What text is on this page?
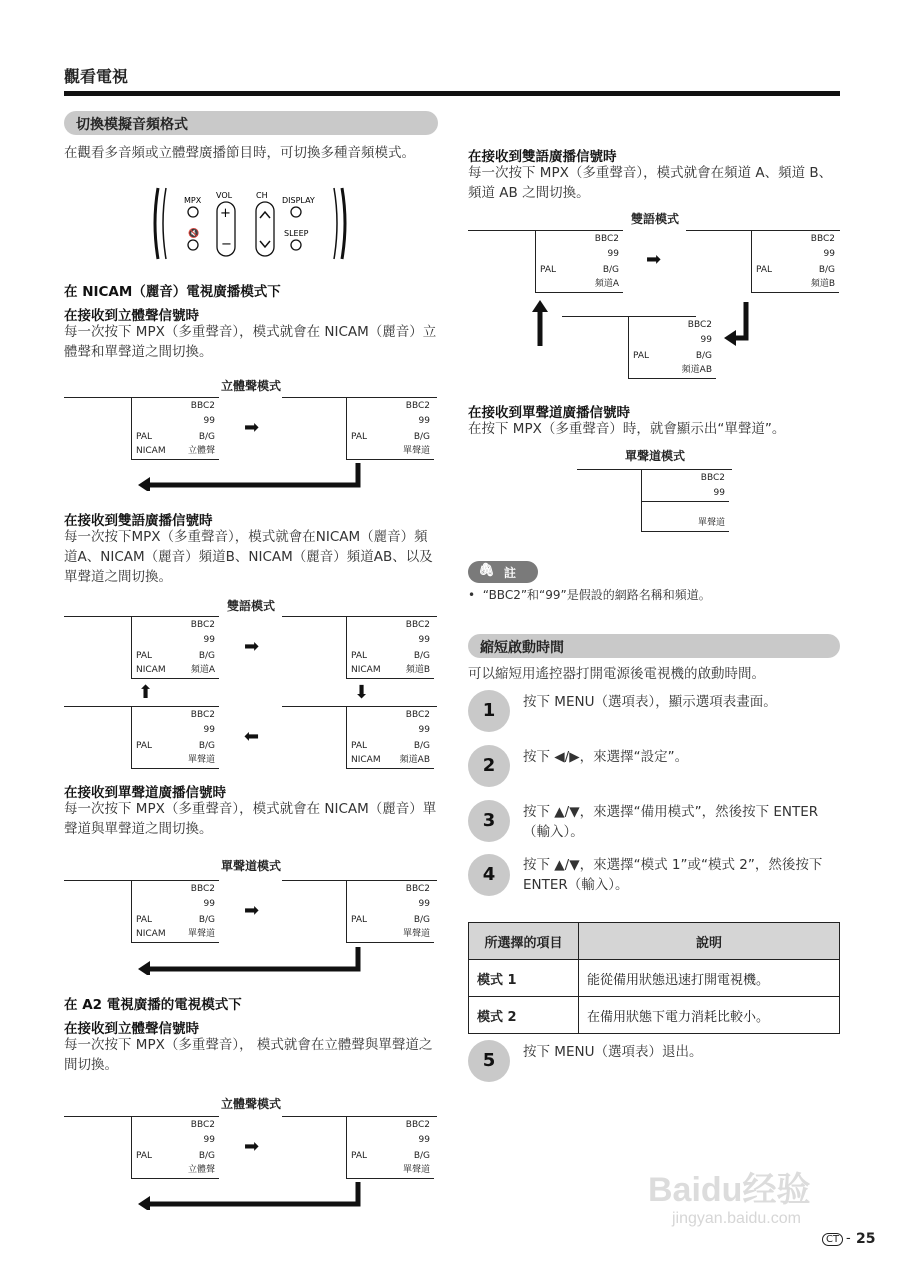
觀看電視
切換模擬音頻格式
在觀看多音頻或立體聲廣播節目時，可切換多種音頻模式。
MPX
🔇
VOL
+
−
CH
DISPLAY
SLEEP
在 NICAM（麗音）電視廣播模式下
在接收到立體聲信號時
每一次按下 MPX（多重聲音），模式就會在 NICAM（麗音）立體聲和單聲道之間切換。
立體聲模式
BBC2
99
PAL	B/G
NICAM 立體聲
➡
BBC2
99
PAL	B/G
單聲道
在接收到雙語廣播信號時
每一次按下MPX（多重聲音），模式就會在NICAM（麗音）頻道A、NICAM（麗音）頻道B、NICAM（麗音）頻道AB、以及單聲道之間切換。
雙語模式
BBC2
99
PAL	B/G
NICAM	頻道A
➡
BBC2
99
PAL	B/G
NICAM	頻道B
⬆	⬇
BBC2
99
PAL	B/G
單聲道
⬅
BBC2
99
PAL	B/G
NICAM 頻道AB
在接收到單聲道廣播信號時
每一次按下 MPX（多重聲音），模式就會在 NICAM（麗音）單聲道與單聲道之間切換。
單聲道模式
BBC2
99
PAL	B/G
NICAM 單聲道
➡
BBC2
99
PAL	B/G
單聲道
在 A2 電視廣播的電視模式下
在接收到立體聲信號時
每一次按下 MPX（多重聲音）， 模式就會在立體聲與單聲道之間切換。
立體聲模式
BBC2
99
PAL	B/G
立體聲
➡
BBC2
99
PAL	B/G
單聲道
在接收到雙語廣播信號時
每一次按下 MPX（多重聲音），模式就會在頻道 A、頻道 B、頻道 AB 之間切換。
雙語模式
BBC2
99
PAL	B/G
頻道A
➡
BBC2
99
PAL	B/G
頻道B
BBC2
99
PAL	B/G
頻道AB
在接收到單聲道廣播信號時
在按下 MPX（多重聲音）時，就會顯示出“單聲道”。
單聲道模式
BBC2
99
單聲道
🖇 註
•  “BBC2”和“99”是假設的網路名稱和頻道。
縮短啟動時間
可以縮短用遙控器打開電源後電視機的啟動時間。
1	按下 MENU（選項表），顯示選項表畫面。
2	按下 ◀/▶，來選擇“設定”。
3	按下 ▲/▼，來選擇“備用模式”，然後按下 ENTER（輸入）。
4	按下 ▲/▼，來選擇“模式 1”或“模式 2”，然後按下 ENTER（輸入）。
所選擇的項目	說明
模式 1	能從備用狀態迅速打開電視機。
模式 2	在備用狀態下電力消耗比較小。
5	按下 MENU（選項表）退出。
Baidu经验
jingyan.baidu.com
CT - 25
